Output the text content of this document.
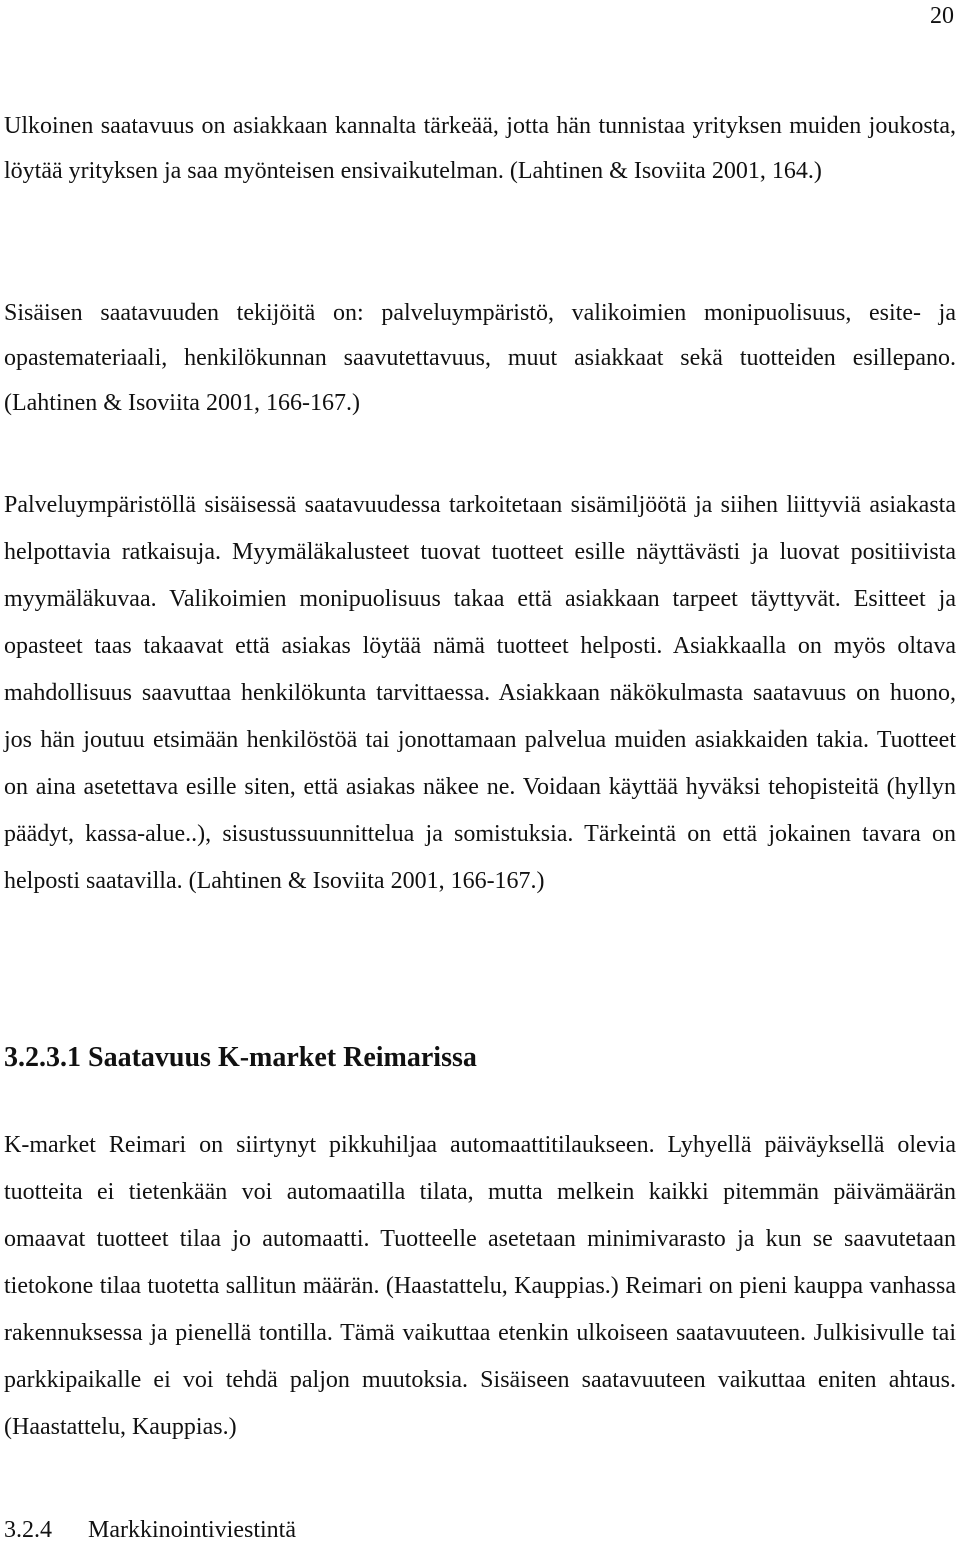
20

Ulkoinen saatavuus on asiakkaan kannalta tärkeää, jotta hän tunnistaa yrityksen muiden joukosta, löytää yrityksen ja saa myönteisen ensivaikutelman. (Lahtinen & Isoviita 2001, 164.)

Sisäisen saatavuuden tekijöitä on: palveluympäristö, valikoimien monipuolisuus, esite- ja opastemateriaali, henkilökunnan saavutettavuus, muut asiakkaat sekä tuotteiden esillepano. (Lahtinen & Isoviita 2001, 166-167.)

Palveluympäristöllä sisäisessä saatavuudessa tarkoitetaan sisämiljöötä ja siihen liittyviä asiakasta helpottavia ratkaisuja. Myymäläkalusteet tuovat tuotteet esille näyttävästi ja luovat positiivista myymäläkuvaa. Valikoimien monipuolisuus takaa että asiakkaan tarpeet täyttyvät. Esitteet ja opasteet taas takaavat että asiakas löytää nämä tuotteet helposti. Asiakkaalla on myös oltava mahdollisuus saavuttaa henkilökunta tarvittaessa. Asiakkaan näkökulmasta saatavuus on huono, jos hän joutuu etsimään henkilöstöä tai jonottamaan palvelua muiden asiakkaiden takia. Tuotteet on aina asetettava esille siten, että asiakas näkee ne. Voidaan käyttää hyväksi tehopisteitä (hyllyn päädyt, kassa-alue..), sisustussuunnittelua ja somistuksia. Tärkeintä on että jokainen tavara on helposti saatavilla. (Lahtinen & Isoviita 2001, 166-167.)

3.2.3.1 Saatavuus K-market Reimarissa

K-market Reimari on siirtynyt pikkuhiljaa automaattitilaukseen. Lyhyellä päiväyksellä olevia tuotteita ei tietenkään voi automaatilla tilata, mutta melkein kaikki pitemmän päivämäärän omaavat tuotteet tilaa jo automaatti. Tuotteelle asetetaan minimivarasto ja kun se saavutetaan tietokone tilaa tuotetta sallitun määrän. (Haastattelu, Kauppias.) Reimari on pieni kauppa vanhassa rakennuksessa ja pienellä tontilla. Tämä vaikuttaa etenkin ulkoiseen saatavuuteen. Julkisivulle tai parkkipaikalle ei voi tehdä paljon muutoksia. Sisäiseen saatavuuteen vaikuttaa eniten ahtaus. (Haastattelu, Kauppias.)

3.2.4 Markkinointiviestintä
